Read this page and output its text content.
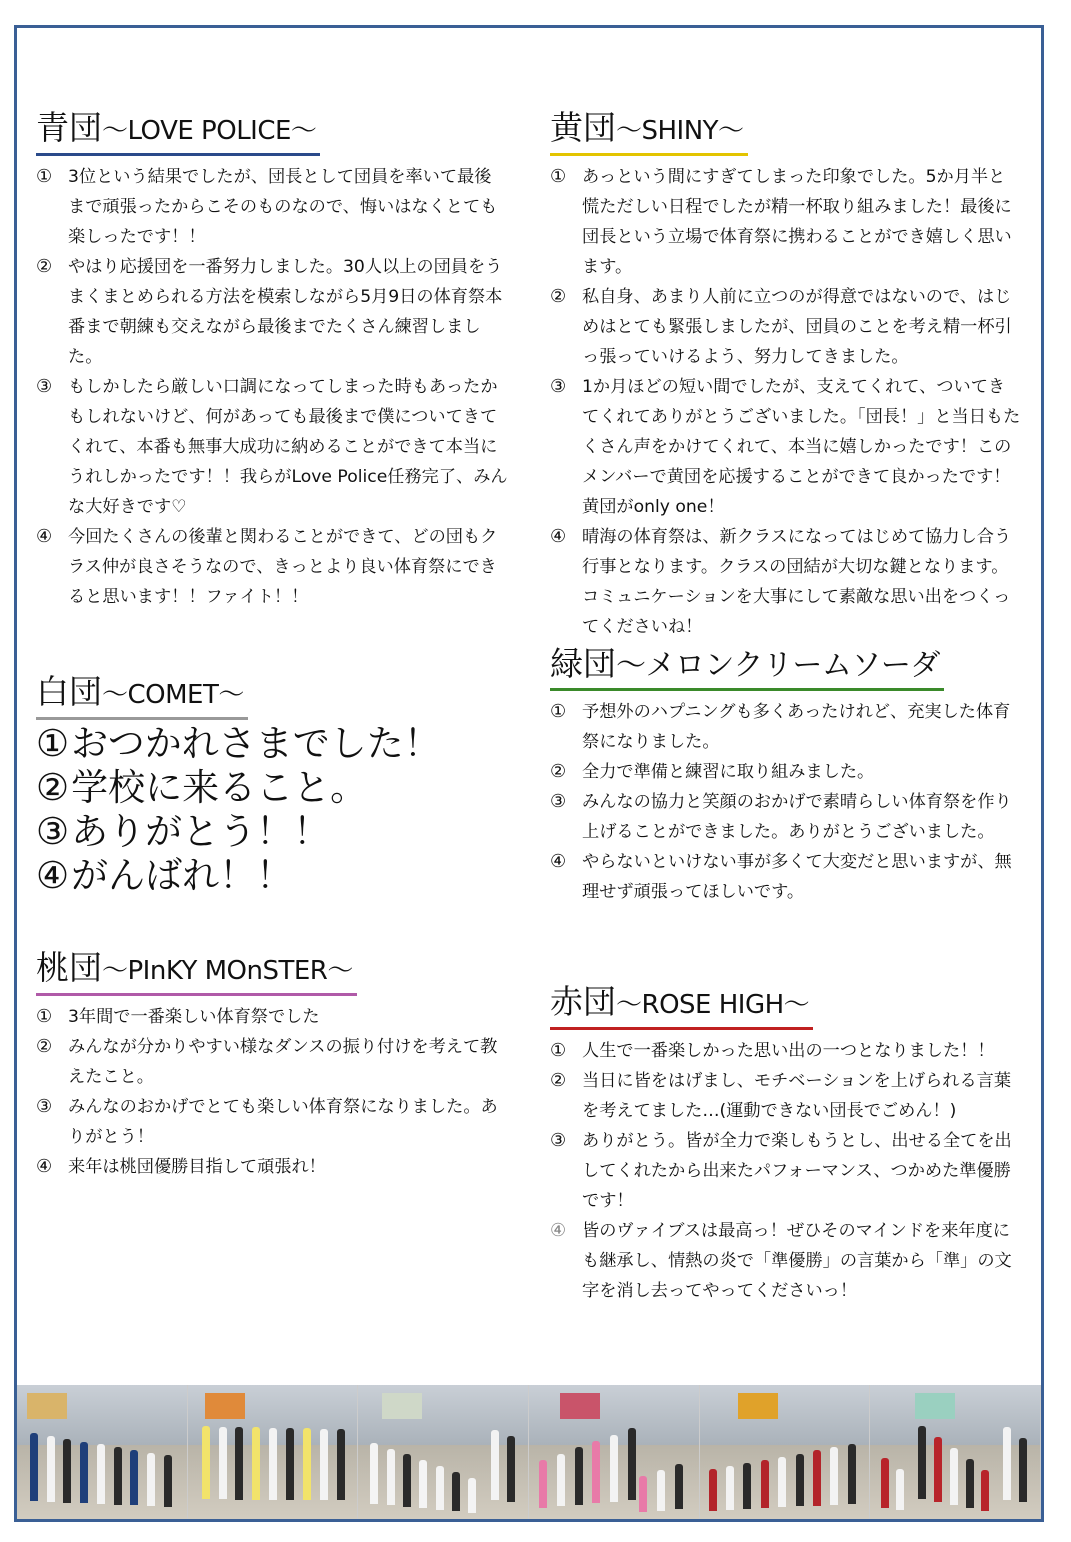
青団〜LOVE POLICE〜
① 3位という結果でしたが、団長として団員を率いて最後まで頑張ったからこそのものなので、悔いはなくとても楽しったです！！
② やはり応援団を一番努力しました。30人以上の団員をうまくまとめられる方法を模索しながら5月9日の体育祭本番まで朝練も交えながら最後までたくさん練習しました。
③ もしかしたら厳しい口調になってしまった時もあったかもしれないけど、何があっても最後まで僕についてきてくれて、本番も無事大成功に納めることができて本当にうれしかったです！！我らがLove Police任務完了、みんな大好きです♡
④ 今回たくさんの後輩と関わることができて、どの団もクラス仲が良さそうなので、きっとより良い体育祭にできると思います！！ファイト！！
白団〜COMET〜
① おつかれさまでした！
② 学校に来ること。
③ ありがとう！！
④ がんばれ！！
桃団〜PInKY MOnSTER〜
① 3年間で一番楽しい体育祭でした
② みんなが分かりやすい様なダンスの振り付けを考えて教えたこと。
③ みんなのおかげでとても楽しい体育祭になりました。ありがとう！
④ 来年は桃団優勝目指して頑張れ！
黄団〜SHINY〜
① あっという間にすぎてしまった印象でした。5か月半と慌ただしい日程でしたが精一杯取り組みました！最後に団長という立場で体育祭に携わることができ嬉しく思います。
② 私自身、あまり人前に立つのが得意ではないので、はじめはとても緊張しましたが、団員のことを考え精一杯引っ張っていけるよう、努力してきました。
③ 1か月ほどの短い間でしたが、支えてくれて、ついてきてくれてありがとうございました。「団長！」と当日もたくさん声をかけてくれて、本当に嬉しかったです！このメンバーで黄団を応援することができて良かったです！黄団がonly one！
④ 晴海の体育祭は、新クラスになってはじめて協力し合う行事となります。クラスの団結が大切な鍵となります。コミュニケーションを大事にして素敵な思い出をつくってくださいね！
緑団〜メロンクリームソーダ
① 予想外のハプニングも多くあったけれど、充実した体育祭になりました。
② 全力で準備と練習に取り組みました。
③ みんなの協力と笑顔のおかげで素晴らしい体育祭を作り上げることができました。ありがとうございました。
④ やらないといけない事が多くて大変だと思いますが、無理せず頑張ってほしいです。
赤団〜ROSE HIGH〜
① 人生で一番楽しかった思い出の一つとなりました！！
② 当日に皆をはげまし、モチベーションを上げられる言葉を考えてました…(運動できない団長でごめん！)
③ ありがとう。皆が全力で楽しもうとし、出せる全てを出してくれたから出来たパフォーマンス、つかめた準優勝です！
④ 皆のヴァイブスは最高っ！ぜひそのマインドを来年度にも継承し、情熱の炎で「準優勝」の言葉から「準」の文字を消し去ってやってくださいっ！
